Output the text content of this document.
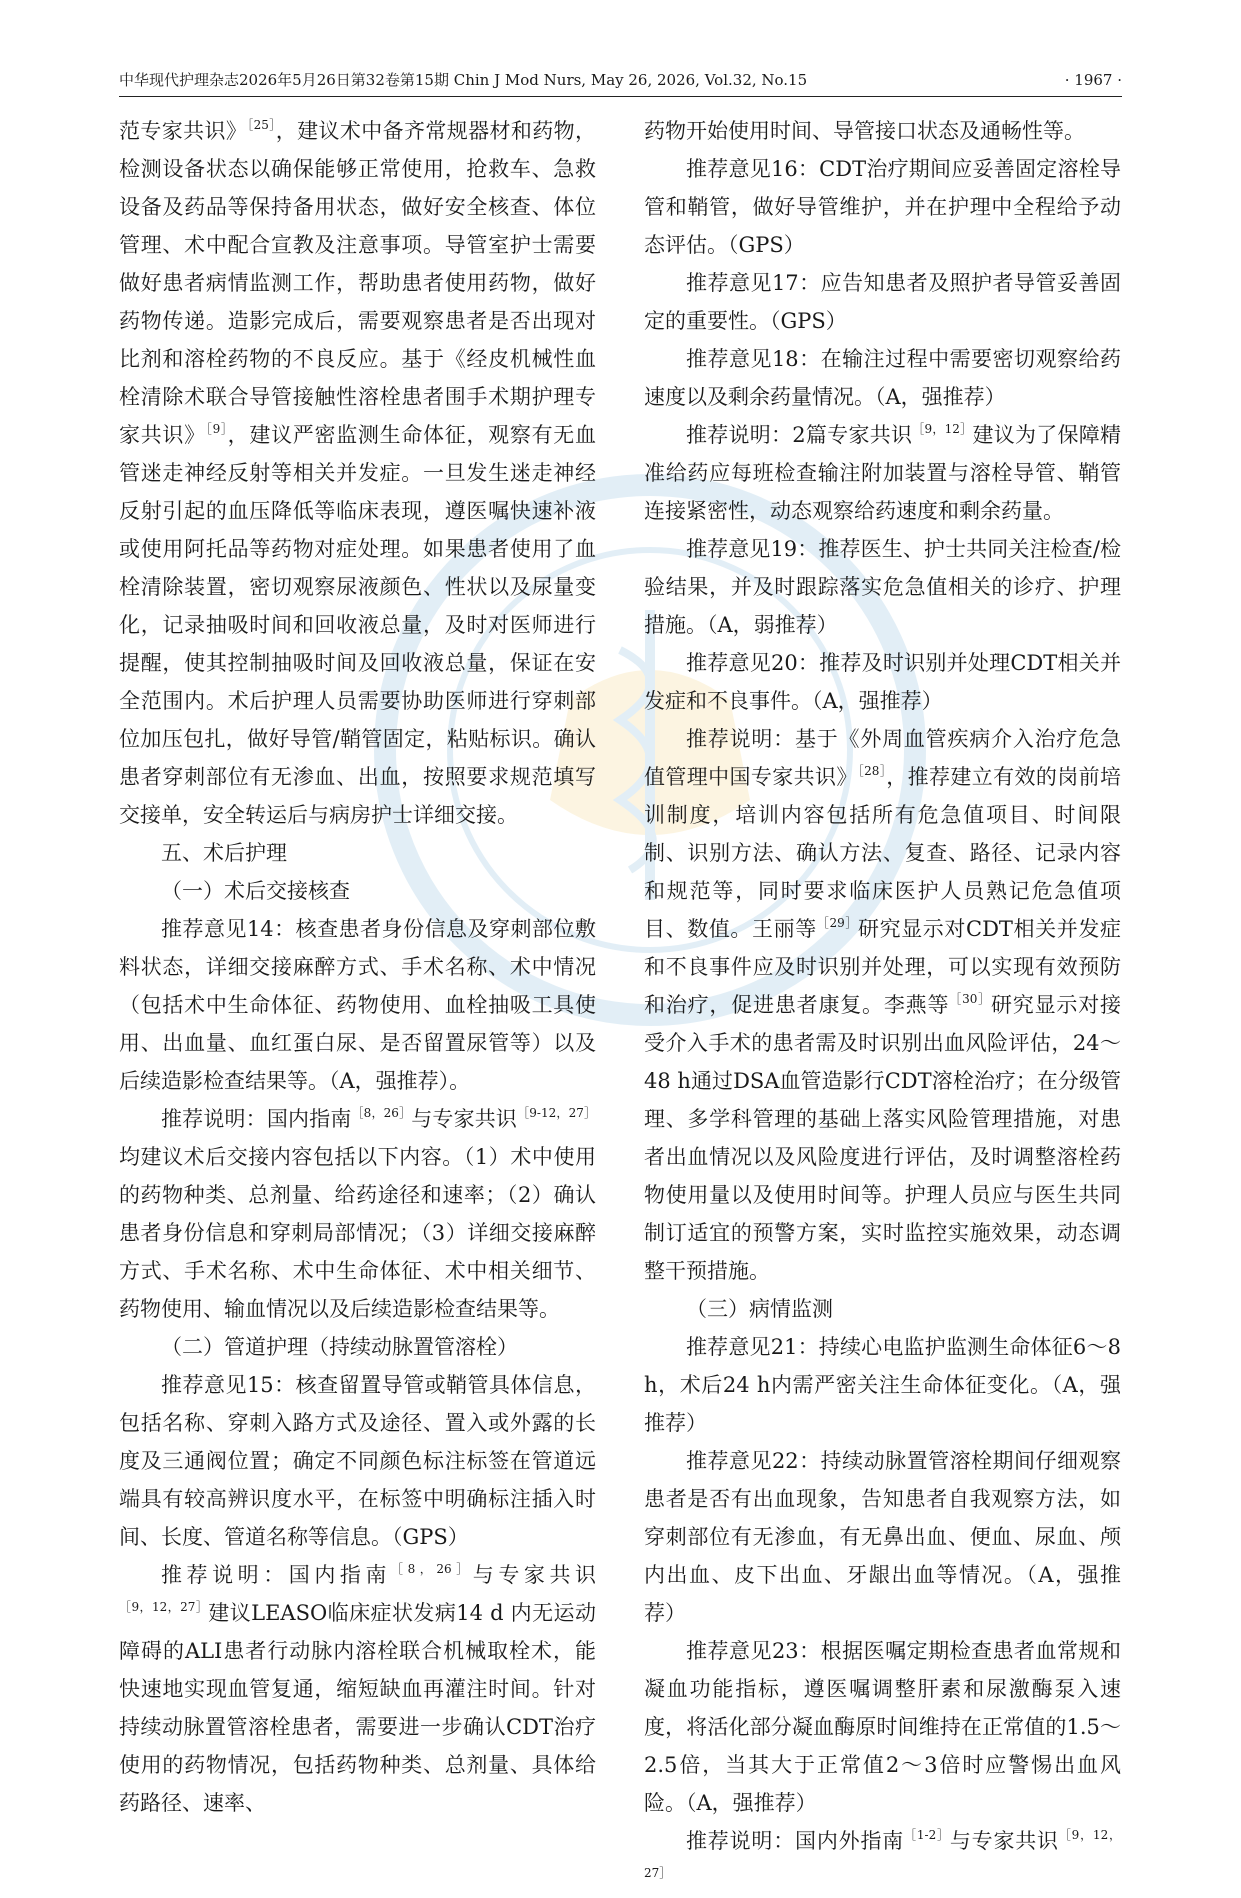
中华现代护理杂志2026年5月26日第32卷第15期 Chin J Mod Nurs, May 26, 2026, Vol.32, No.15	· 1967 ·

范专家共识》$^{[25]}$，建议术中备齐常规器材和药物，检测设备状态以确保能够正常使用，抢救车、急救设备及药品等保持备用状态，做好安全核查、体位管理、术中配合宣教及注意事项。导管室护士需要做好患者病情监测工作，帮助患者使用药物，做好药物传递。造影完成后，需要观察患者是否出现对比剂和溶栓药物的不良反应。基于《经皮机械性血栓清除术联合导管接触性溶栓患者围手术期护理专家共识》$^{[9]}$，建议严密监测生命体征，观察有无血管迷走神经反射等相关并发症。一旦发生迷走神经反射引起的血压降低等临床表现，遵医嘱快速补液或使用阿托品等药物对症处理。如果患者使用了血栓清除装置，密切观察尿液颜色、性状以及尿量变化，记录抽吸时间和回收液总量，及时对医师进行提醒，使其控制抽吸时间及回收液总量，保证在安全范围内。术后护理人员需要协助医师进行穿刺部位加压包扎，做好导管/鞘管固定，粘贴标识。确认患者穿刺部位有无渗血、出血，按照要求规范填写交接单，安全转运后与病房护士详细交接。

五、术后护理

（一）术后交接核查

推荐意见14：核查患者身份信息及穿刺部位敷料状态，详细交接麻醉方式、手术名称、术中情况（包括术中生命体征、药物使用、血栓抽吸工具使用、出血量、血红蛋白尿、是否留置尿管等）以及后续造影检查结果等。（A，强推荐）。

推荐说明：国内指南$^{[8,26]}$与专家共识$^{[9-12,27]}$均建议术后交接内容包括以下内容。（1）术中使用的药物种类、总剂量、给药途径和速率；（2）确认患者身份信息和穿刺局部情况；（3）详细交接麻醉方式、手术名称、术中生命体征、术中相关细节、药物使用、输血情况以及后续造影检查结果等。

（二）管道护理（持续动脉置管溶栓）

推荐意见15：核查留置导管或鞘管具体信息，包括名称、穿刺入路方式及途径、置入或外露的长度及三通阀位置；确定不同颜色标注标签在管道远端具有较高辨识度水平，在标签中明确标注插入时间、长度、管道名称等信息。（GPS）

推荐说明：国内指南$^{[8,26]}$与专家共识$^{[9,12,27]}$建议LEASO临床症状发病14 d 内无运动障碍的ALI患者行动脉内溶栓联合机械取栓术，能快速地实现血管复通，缩短缺血再灌注时间。针对持续动脉置管溶栓患者，需要进一步确认CDT治疗使用的药物情况，包括药物种类、总剂量、具体给药路径、速率、

药物开始使用时间、导管接口状态及通畅性等。

推荐意见16：CDT治疗期间应妥善固定溶栓导管和鞘管，做好导管维护，并在护理中全程给予动态评估。（GPS）

推荐意见17：应告知患者及照护者导管妥善固定的重要性。（GPS）

推荐意见18：在输注过程中需要密切观察给药速度以及剩余药量情况。（A，强推荐）

推荐说明：2篇专家共识$^{[9,12]}$建议为了保障精准给药应每班检查输注附加装置与溶栓导管、鞘管连接紧密性，动态观察给药速度和剩余药量。

推荐意见19：推荐医生、护士共同关注检查/检验结果，并及时跟踪落实危急值相关的诊疗、护理措施。（A，弱推荐）

推荐意见20：推荐及时识别并处理CDT相关并发症和不良事件。（A，强推荐）

推荐说明：基于《外周血管疾病介入治疗危急值管理中国专家共识》$^{[28]}$，推荐建立有效的岗前培训制度，培训内容包括所有危急值项目、时间限制、识别方法、确认方法、复查、路径、记录内容和规范等，同时要求临床医护人员熟记危急值项目、数值。王丽等$^{[29]}$研究显示对CDT相关并发症和不良事件应及时识别并处理，可以实现有效预防和治疗，促进患者康复。李燕等$^{[30]}$研究显示对接受介入手术的患者需及时识别出血风险评估，24～48 h通过DSA血管造影行CDT溶栓治疗；在分级管理、多学科管理的基础上落实风险管理措施，对患者出血情况以及风险度进行评估，及时调整溶栓药物使用量以及使用时间等。护理人员应与医生共同制订适宜的预警方案，实时监控实施效果，动态调整干预措施。

（三）病情监测

推荐意见21：持续心电监护监测生命体征6～8 h，术后24 h内需严密关注生命体征变化。（A，强推荐）

推荐意见22：持续动脉置管溶栓期间仔细观察患者是否有出血现象，告知患者自我观察方法，如穿刺部位有无渗血，有无鼻出血、便血、尿血、颅内出血、皮下出血、牙龈出血等情况。（A，强推荐）

推荐意见23：根据医嘱定期检查患者血常规和凝血功能指标，遵医嘱调整肝素和尿激酶泵入速度，将活化部分凝血酶原时间维持在正常值的1.5～2.5倍，当其大于正常值2～3倍时应警惕出血风险。（A，强推荐）

推荐说明：国内外指南$^{[1-2]}$与专家共识$^{[9,12,27]}$
